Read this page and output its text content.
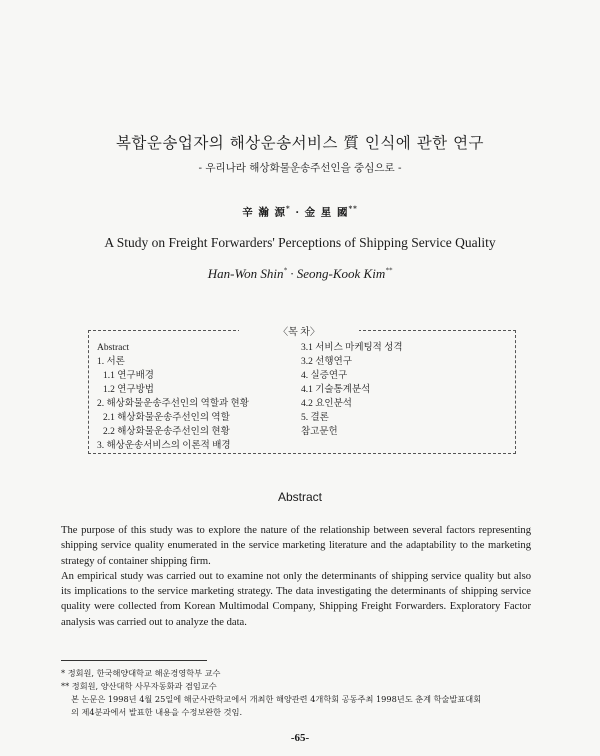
복합운송업자의 해상운송서비스 質 인식에 관한 연구
- 우리나라 해상화물운송주선인을 중심으로 -
辛 瀚 源* · 金 星 國**
A Study on Freight Forwarders' Perceptions of Shipping Service Quality
Han-Won Shin* · Seong-Kook Kim**
〈목 차〉
Abstract
1. 서론
1.1 연구배경
1.2 연구방법
2. 해상화물운송주선인의 역할과 현황
2.1 해상화물운송주선인의 역할
2.2 해상화물운송주선인의 현황
3. 해상운송서비스의 이론적 배경
3.1 서비스 마케팅적 성격
3.2 선행연구
4. 실증연구
4.1 기술통계분석
4.2 요인분석
5. 결론
참고문헌
Abstract

The purpose of this study was to explore the nature of the relationship between several factors representing shipping service quality enumerated in the service marketing literature and the adaptability to the marketing strategy of container shipping firm.

An empirical study was carried out to examine not only the determinants of shipping service quality but also its implications to the service marketing strategy. The data investigating the determinants of shipping service quality were collected from Korean Multimodal Company, Shipping Freight Forwarders. Exploratory Factor analysis was carried out to analyze the data.

* 정회원, 한국해양대학교 해운경영학부 교수
** 정회원, 양산대학 사무자동화과 겸임교수
본 논문은 1998년 4월 25일에 해군사관학교에서 개최한 해양관련 4개학회 공동주최 1998년도 춘계 학술발표대회
의 제4분과에서 발표한 내용을 수정보완한 것임.
-65-
